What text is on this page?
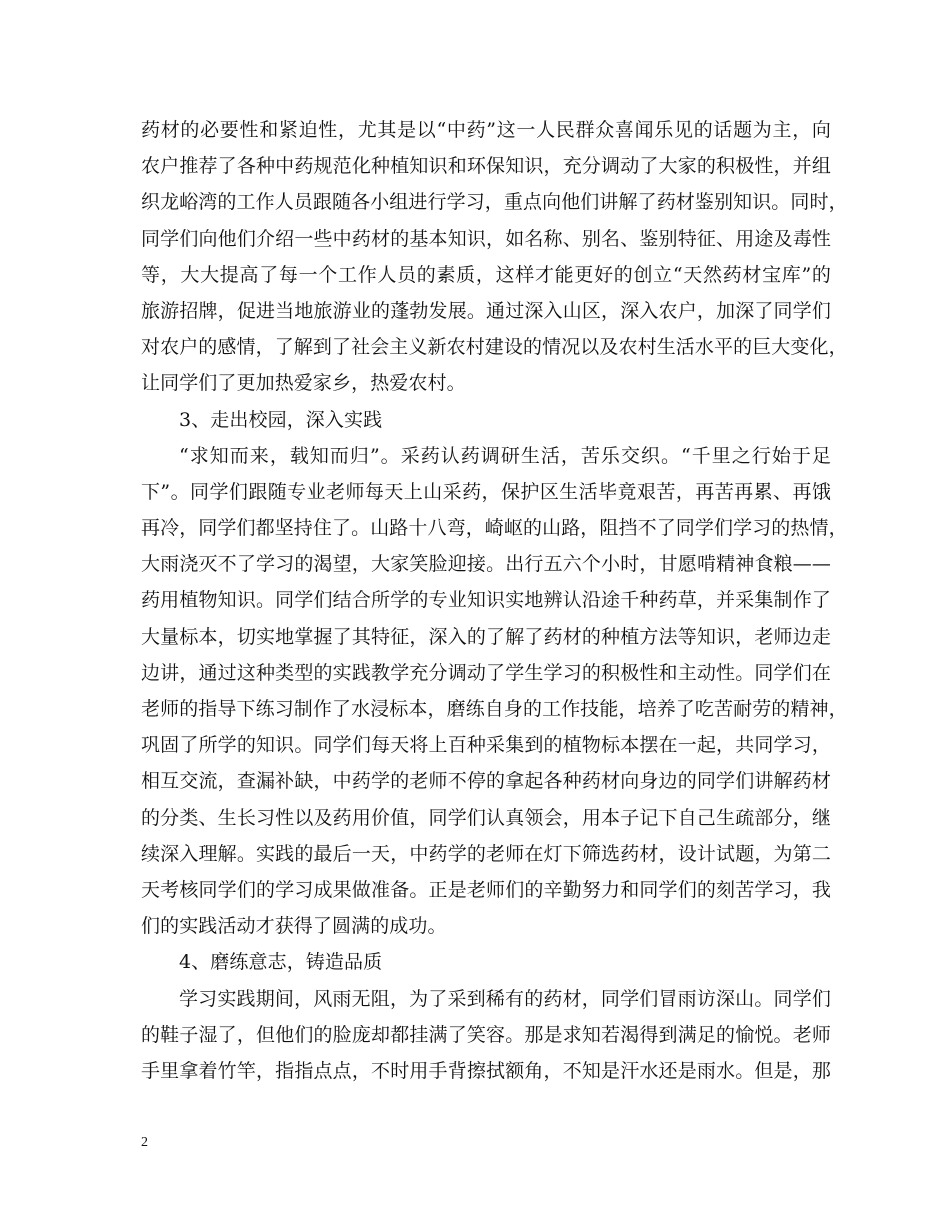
药材的必要性和紧迫性，尤其是以“中药”这一人民群众喜闻乐见的话题为主，向
农户推荐了各种中药规范化种植知识和环保知识，充分调动了大家的积极性，并组
织龙峪湾的工作人员跟随各小组进行学习，重点向他们讲解了药材鉴别知识。同时，
同学们向他们介绍一些中药材的基本知识，如名称、别名、鉴别特征、用途及毒性
等，大大提高了每一个工作人员的素质，这样才能更好的创立“天然药材宝库”的
旅游招牌，促进当地旅游业的蓬勃发展。通过深入山区，深入农户，加深了同学们
对农户的感情，了解到了社会主义新农村建设的情况以及农村生活水平的巨大变化，
让同学们了更加热爱家乡，热爱农村。
3、走出校园，深入实践
“求知而来，载知而归”。采药认药调研生活，苦乐交织。“千里之行始于足
下”。同学们跟随专业老师每天上山采药，保护区生活毕竟艰苦，再苦再累、再饿
再冷，同学们都坚持住了。山路十八弯，崎岖的山路，阻挡不了同学们学习的热情，
大雨浇灭不了学习的渴望，大家笑脸迎接。出行五六个小时，甘愿啃精神食粮——
药用植物知识。同学们结合所学的专业知识实地辨认沿途千种药草，并采集制作了
大量标本，切实地掌握了其特征，深入的了解了药材的种植方法等知识，老师边走
边讲，通过这种类型的实践教学充分调动了学生学习的积极性和主动性。同学们在
老师的指导下练习制作了水浸标本，磨练自身的工作技能，培养了吃苦耐劳的精神，
巩固了所学的知识。同学们每天将上百种采集到的植物标本摆在一起，共同学习，
相互交流，查漏补缺，中药学的老师不停的拿起各种药材向身边的同学们讲解药材
的分类、生长习性以及药用价值，同学们认真领会，用本子记下自己生疏部分，继
续深入理解。实践的最后一天，中药学的老师在灯下筛选药材，设计试题，为第二
天考核同学们的学习成果做准备。正是老师们的辛勤努力和同学们的刻苦学习，我
们的实践活动才获得了圆满的成功。
4、磨练意志，铸造品质
学习实践期间，风雨无阻，为了采到稀有的药材，同学们冒雨访深山。同学们
的鞋子湿了，但他们的脸庞却都挂满了笑容。那是求知若渴得到满足的愉悦。老师
手里拿着竹竿，指指点点，不时用手背擦拭额角，不知是汗水还是雨水。但是，那
2
